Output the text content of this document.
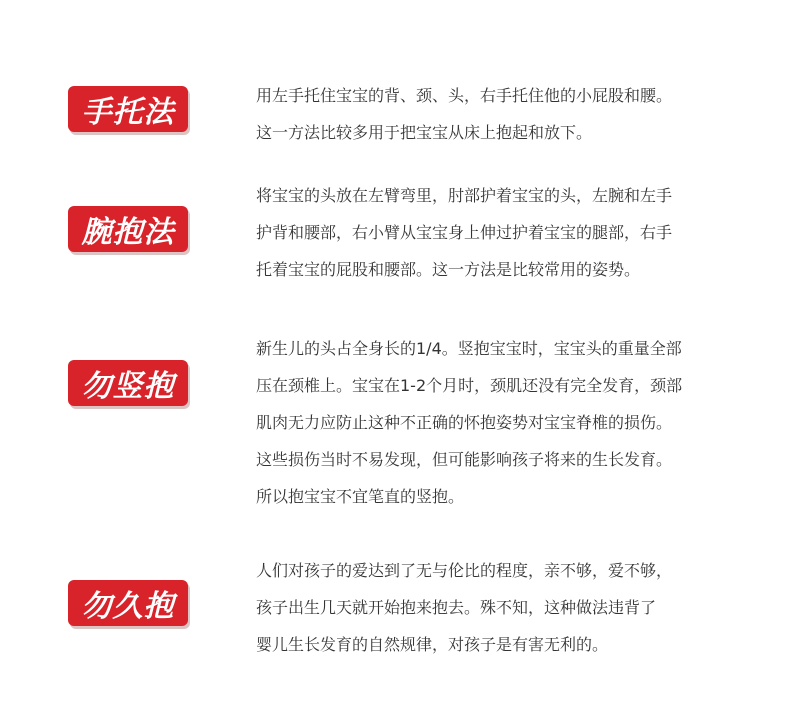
手托法	用左手托住宝宝的背、颈、头，右手托住他的小屁股和腰。
这一方法比较多用于把宝宝从床上抱起和放下。
腕抱法
将宝宝的头放在左臂弯里，肘部护着宝宝的头，左腕和左手
护背和腰部，右小臂从宝宝身上伸过护着宝宝的腿部，右手
托着宝宝的屁股和腰部。这一方法是比较常用的姿势。
勿竖抱
新生儿的头占全身长的1/4。竖抱宝宝时，宝宝头的重量全部
压在颈椎上。宝宝在1-2个月时，颈肌还没有完全发育，颈部
肌肉无力应防止这种不正确的怀抱姿势对宝宝脊椎的损伤。
这些损伤当时不易发现，但可能影响孩子将来的生长发育。
所以抱宝宝不宜笔直的竖抱。
勿久抱
人们对孩子的爱达到了无与伦比的程度，亲不够，爱不够，
孩子出生几天就开始抱来抱去。殊不知，这种做法违背了
婴儿生长发育的自然规律，对孩子是有害无利的。
